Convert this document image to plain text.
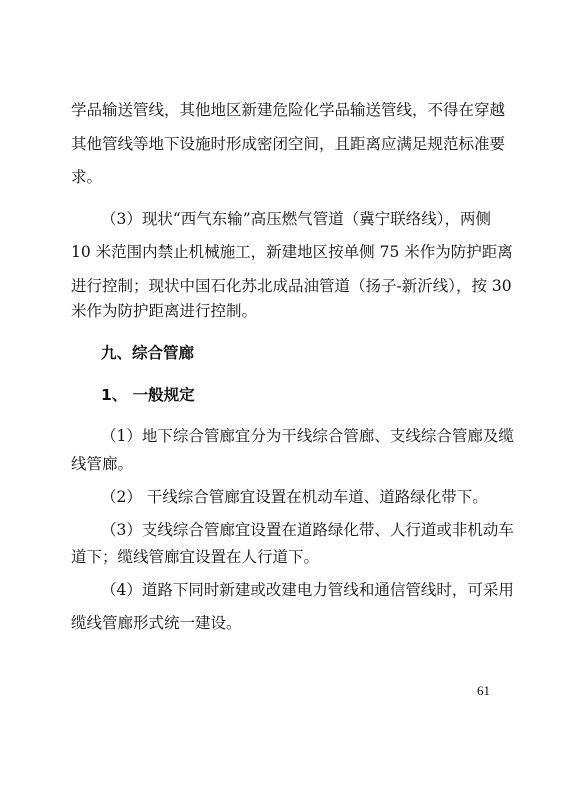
学品输送管线，其他地区新建危险化学品输送管线，不得在穿越
其他管线等地下设施时形成密闭空间，且距离应满足规范标准要
求。
（3）现状“西气东输”高压燃气管道（冀宁联络线），两侧
10 米范围内禁止机械施工，新建地区按单侧 75 米作为防护距离
进行控制；现状中国石化苏北成品油管道（扬子-新沂线），按 30
米作为防护距离进行控制。
九、综合管廊
1、 一般规定
（1）地下综合管廊宜分为干线综合管廊、支线综合管廊及缆
线管廊。
（2） 干线综合管廊宜设置在机动车道、道路绿化带下。
（3）支线综合管廊宜设置在道路绿化带、人行道或非机动车
道下；缆线管廊宜设置在人行道下。
（4）道路下同时新建或改建电力管线和通信管线时，可采用
缆线管廊形式统一建设。
61
